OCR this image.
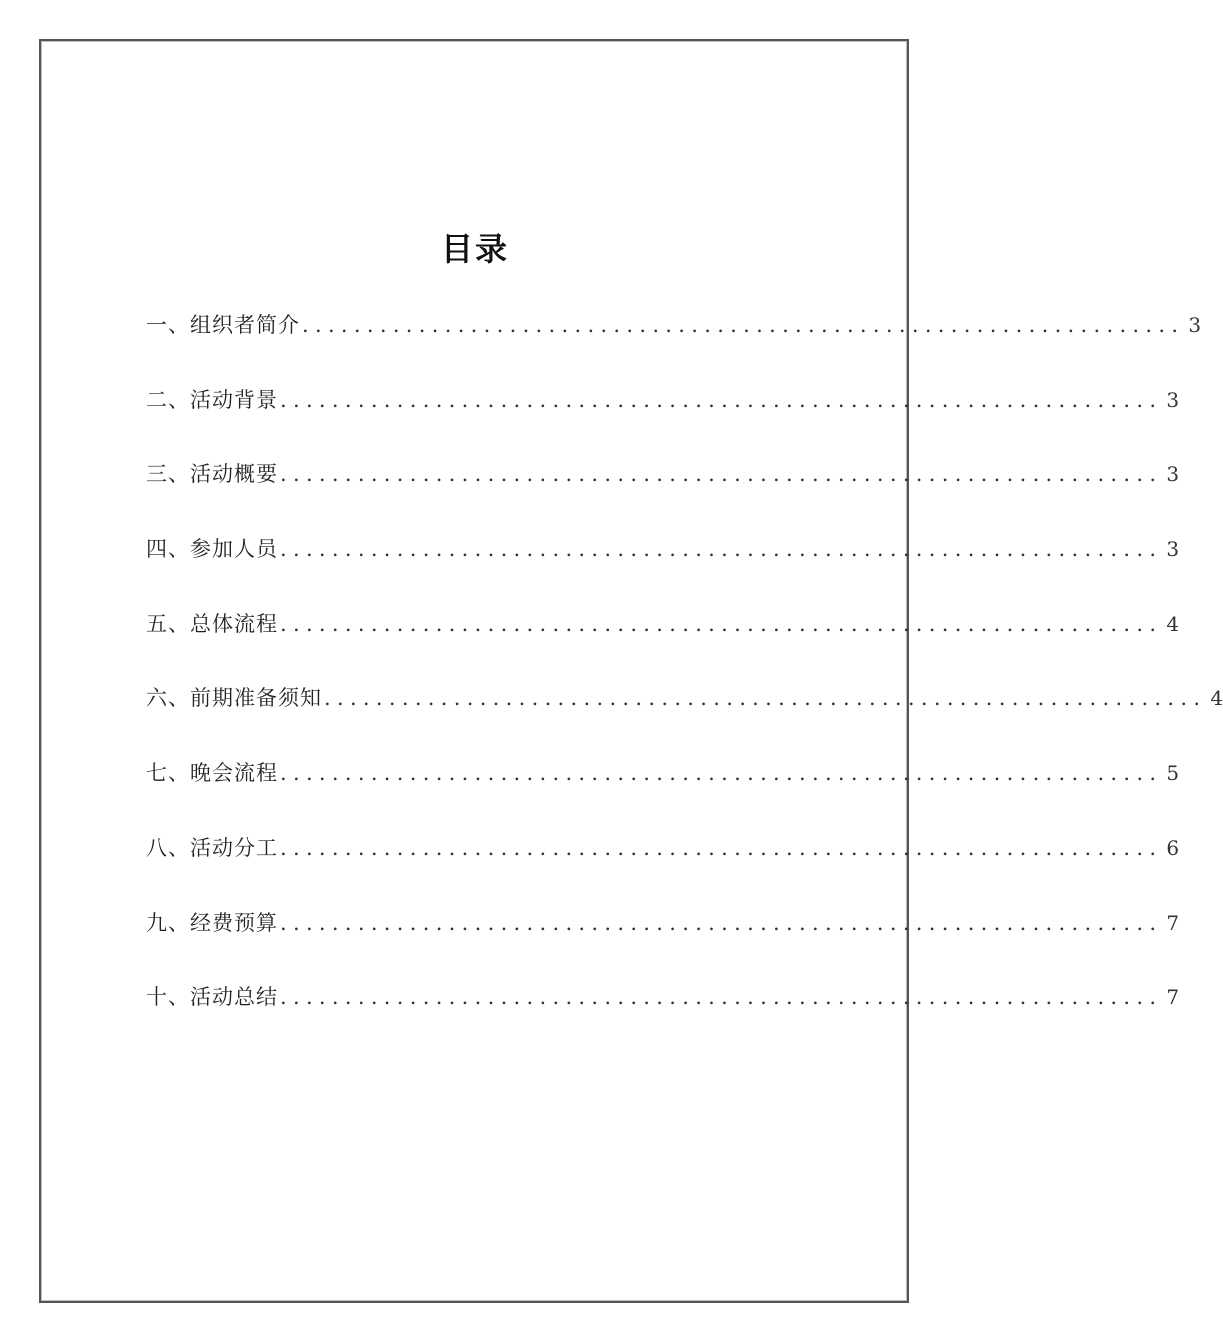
目录
一、组织者简介 .................................................................... 3
二、活动背景 .................................................................... 3
三、活动概要 .................................................................... 3
四、参加人员 .................................................................... 3
五、总体流程 .................................................................... 4
六、前期准备须知 .................................................................... 4
七、晚会流程 .................................................................... 5
八、活动分工 .................................................................... 6
九、经费预算 .................................................................... 7
十、活动总结 .................................................................... 7
